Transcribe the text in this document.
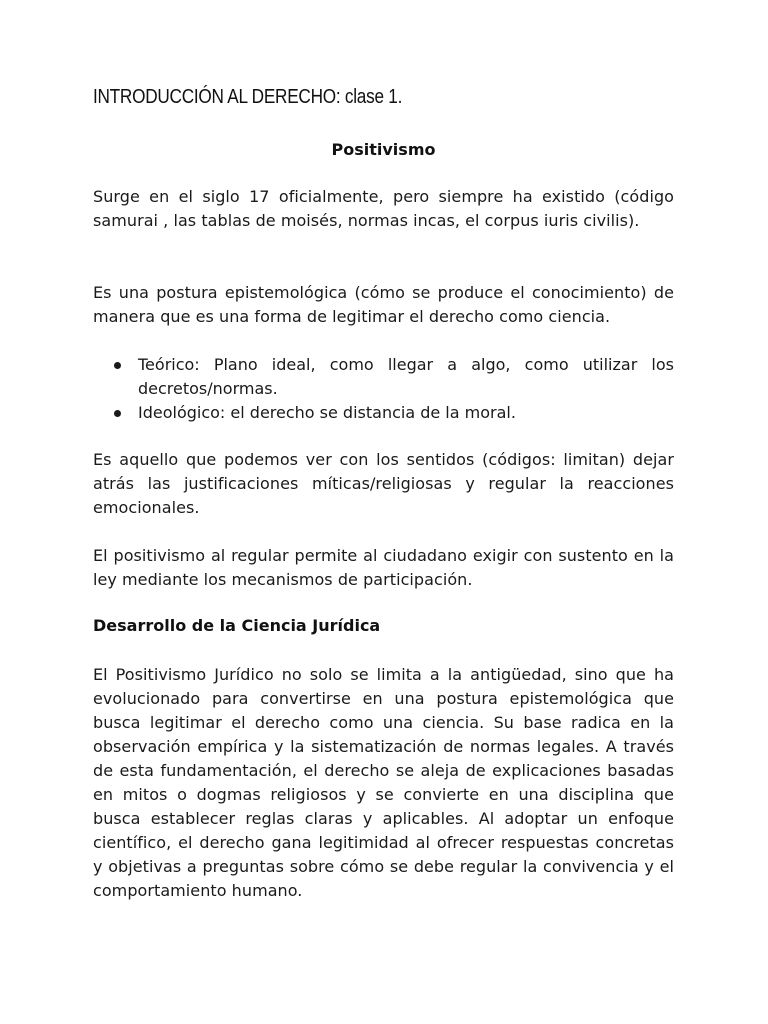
INTRODUCCIÓN AL DERECHO: clase 1.
Positivismo

Surge en el siglo 17 oficialmente, pero siempre ha existido (código samurai , las tablas de moisés, normas incas, el corpus iuris civilis).

Es una postura epistemológica (cómo se produce el conocimiento) de manera que es una forma de legitimar el derecho como ciencia.

Teórico: Plano ideal, como llegar a algo, como utilizar los decretos/normas.
Ideológico: el derecho se distancia de la moral.

Es aquello que podemos ver con los sentidos (códigos: limitan) dejar atrás las justificaciones míticas/religiosas y regular la reacciones emocionales.

El positivismo al regular permite al ciudadano exigir con sustento en la ley mediante los mecanismos de participación.

Desarrollo de la Ciencia Jurídica

El Positivismo Jurídico no solo se limita a la antigüedad, sino que ha evolucionado para convertirse en una postura epistemológica que busca legitimar el derecho como una ciencia. Su base radica en la observación empírica y la sistematización de normas legales. A través de esta fundamentación, el derecho se aleja de explicaciones basadas en mitos o dogmas religiosos y se convierte en una disciplina que busca establecer reglas claras y aplicables. Al adoptar un enfoque científico, el derecho gana legitimidad al ofrecer respuestas concretas y objetivas a preguntas sobre cómo se debe regular la convivencia y el comportamiento humano.
